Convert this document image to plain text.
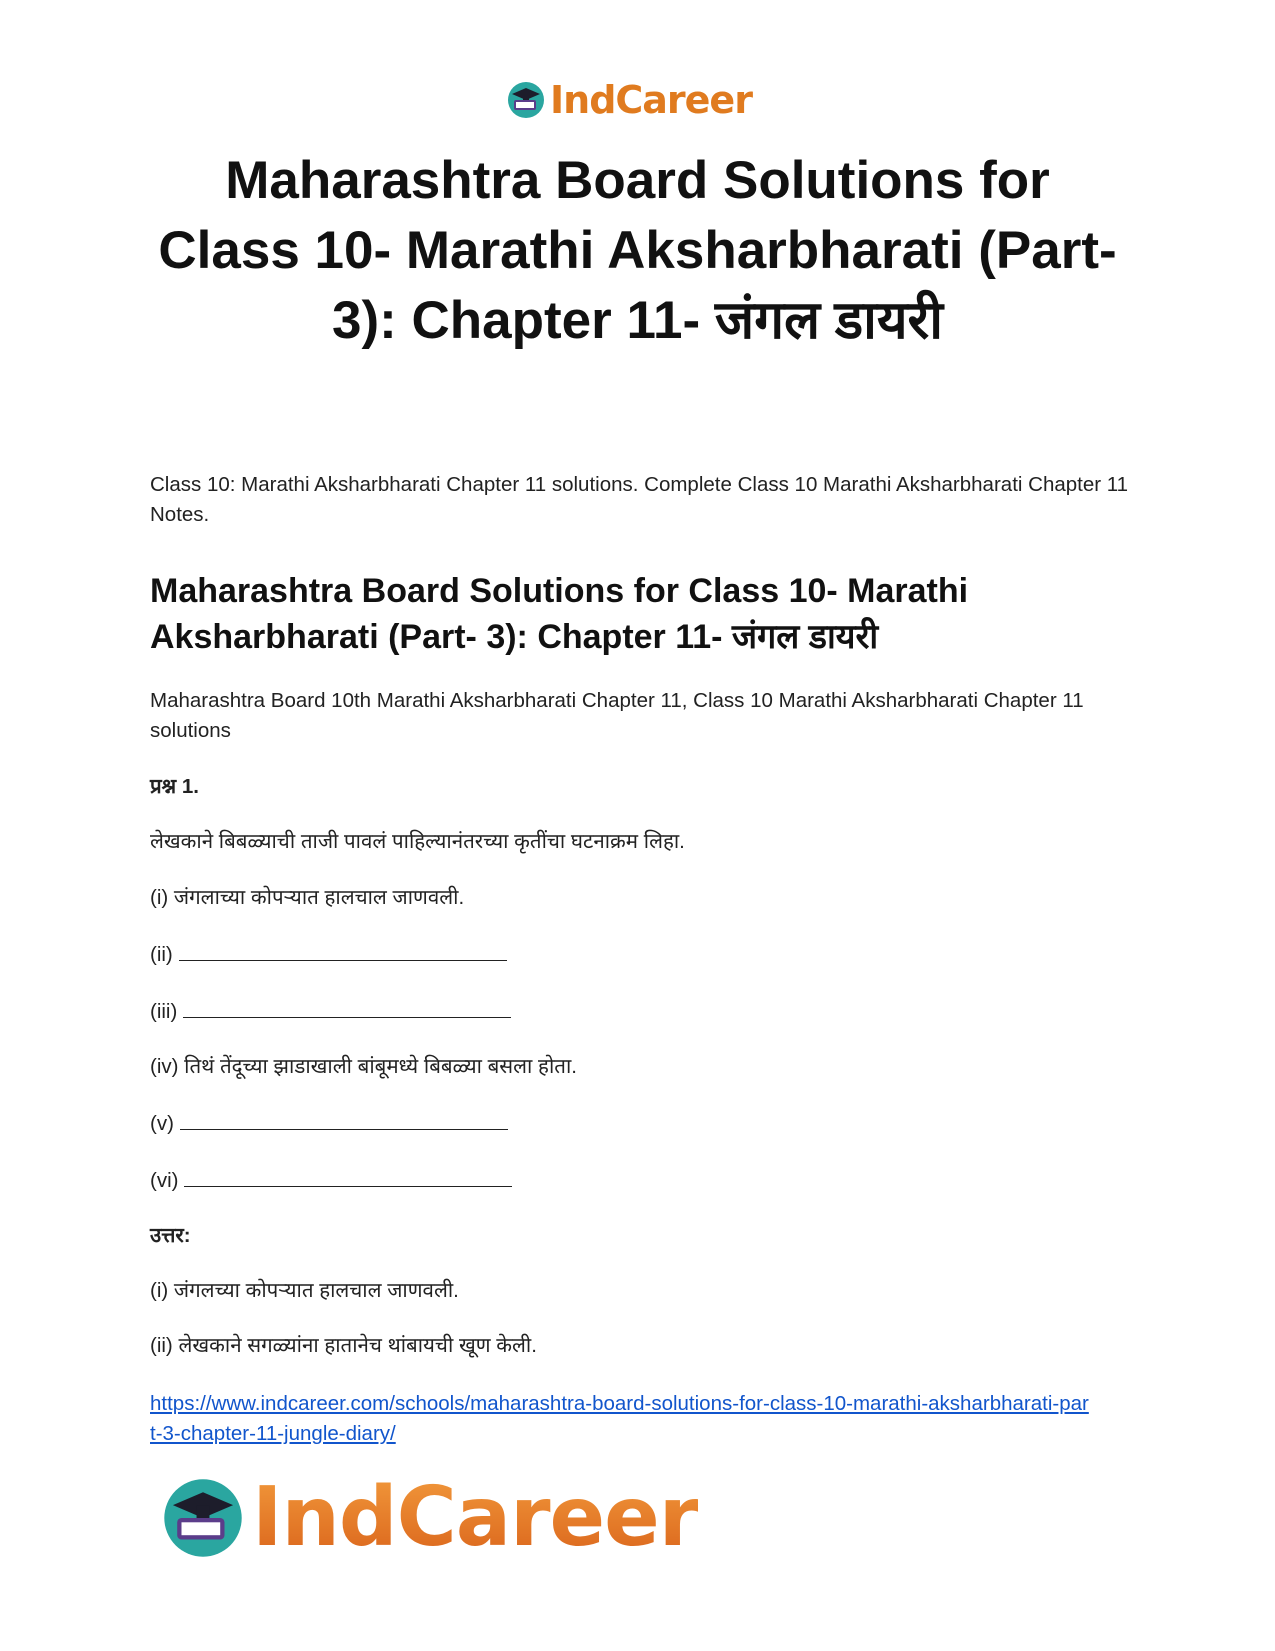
IndCareer
Maharashtra Board Solutions for Class 10- Marathi Aksharbharati (Part- 3): Chapter 11- जंगल डायरी

Class 10: Marathi Aksharbharati Chapter 11 solutions. Complete Class 10 Marathi Aksharbharati Chapter 11 Notes.

Maharashtra Board Solutions for Class 10- Marathi Aksharbharati (Part- 3): Chapter 11- जंगल डायरी

Maharashtra Board 10th Marathi Aksharbharati Chapter 11, Class 10 Marathi Aksharbharati Chapter 11 solutions

प्रश्न 1.

लेखकाने बिबळ्याची ताजी पावलं पाहिल्यानंतरच्या कृतींचा घटनाक्रम लिहा.

(i)
जंगलाच्या कोपऱ्यात हालचाल जाणवली.
(ii)
(iii)
(iv)
तिथं तेंदूच्या झाडाखाली बांबूमध्ये बिबळ्या बसला होता.
(v)
(vi)

उत्तर:

(i)
जंगलच्या कोपऱ्यात हालचाल जाणवली.
(ii)
लेखकाने सगळ्यांना हातानेच थांबायची खूण केली.
https://www.indcareer.com/schools/maharashtra-board-solutions-for-class-10-marathi-aksharbharati-part-3-chapter-11-jungle-diary/
IndCareer
